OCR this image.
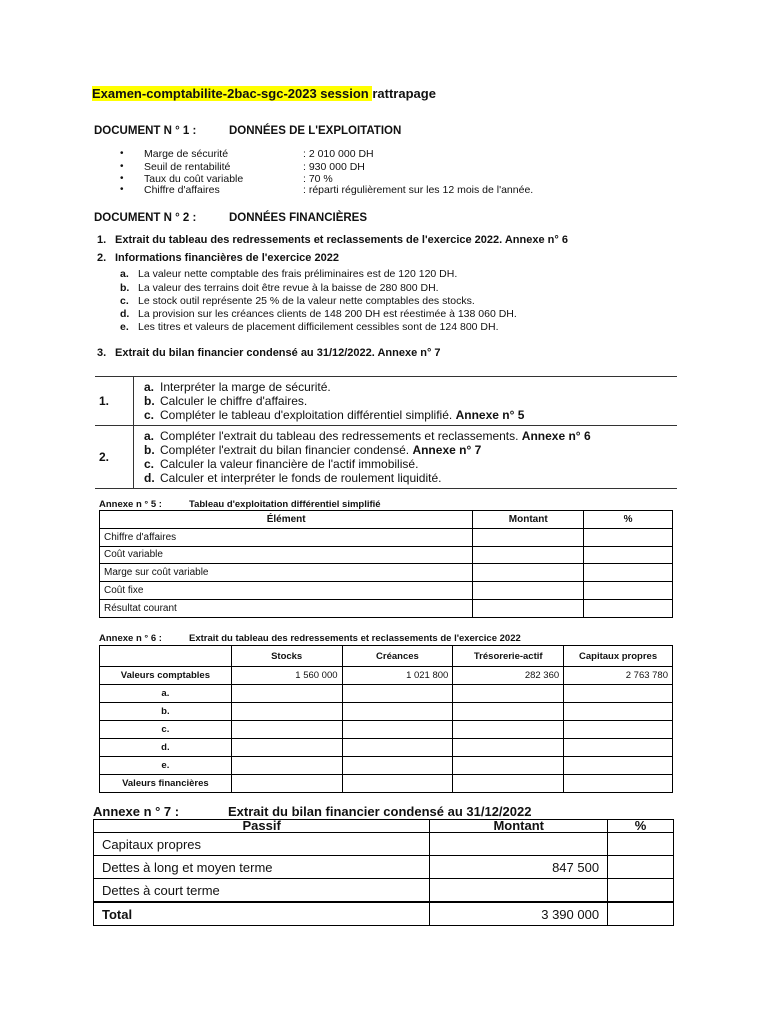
Examen-comptabilite-2bac-sgc-2023 session rattrapage
DOCUMENT N ° 1 :	DONNÉES DE L'EXPLOITATION
• Marge de sécurité	: 2 010 000 DH
• Seuil de rentabilité	: 930 000 DH
• Taux du coût variable	: 70 %
• Chiffre d'affaires	: réparti régulièrement sur les 12 mois de l'année.
DOCUMENT N ° 2 :	DONNÉES FINANCIÈRES
1. Extrait du tableau des redressements et reclassements de l'exercice 2022. Annexe n° 6
2. Informations financières de l'exercice 2022
a. La valeur nette comptable des frais préliminaires est de 120 120 DH.
b. La valeur des terrains doit être revue à la baisse de 280 800 DH.
c. Le stock outil représente 25 % de la valeur nette comptables des stocks.
d. La provision sur les créances clients de 148 200 DH est réestimée à 138 060 DH.
e. Les titres et valeurs de placement difficilement cessibles sont de 124 800 DH.
3. Extrait du bilan financier condensé au 31/12/2022. Annexe n° 7
1.	a. Interpréter la marge de sécurité.
b. Calculer le chiffre d'affaires.
c. Compléter le tableau d'exploitation différentiel simplifié. Annexe n° 5

2.	a. Compléter l'extrait du tableau des redressements et reclassements. Annexe n° 6
b. Compléter l'extrait du bilan financier condensé. Annexe n° 7
c. Calculer la valeur financière de l'actif immobilisé.
d. Calculer et interpréter le fonds de roulement liquidité.
Annexe n ° 5 :	Tableau d'exploitation différentiel simplifié
Élément	Montant	%
Chiffre d'affaires		
Coût variable		
Marge sur coût variable		
Coût fixe		
Résultat courant		
Annexe n ° 6 :	Extrait du tableau des redressements et reclassements de l'exercice 2022
	Stocks	Créances	Trésorerie-actif	Capitaux propres
Valeurs comptables	1 560 000	1 021 800	282 360	2 763 780
a.				
b.				
c.				
d.				
e.				
Valeurs financières				
Annexe n ° 7 :	Extrait du bilan financier condensé au 31/12/2022
Passif	Montant	%
Capitaux propres		
Dettes à long et moyen terme	847 500	
Dettes à court terme		
Total	3 390 000	
